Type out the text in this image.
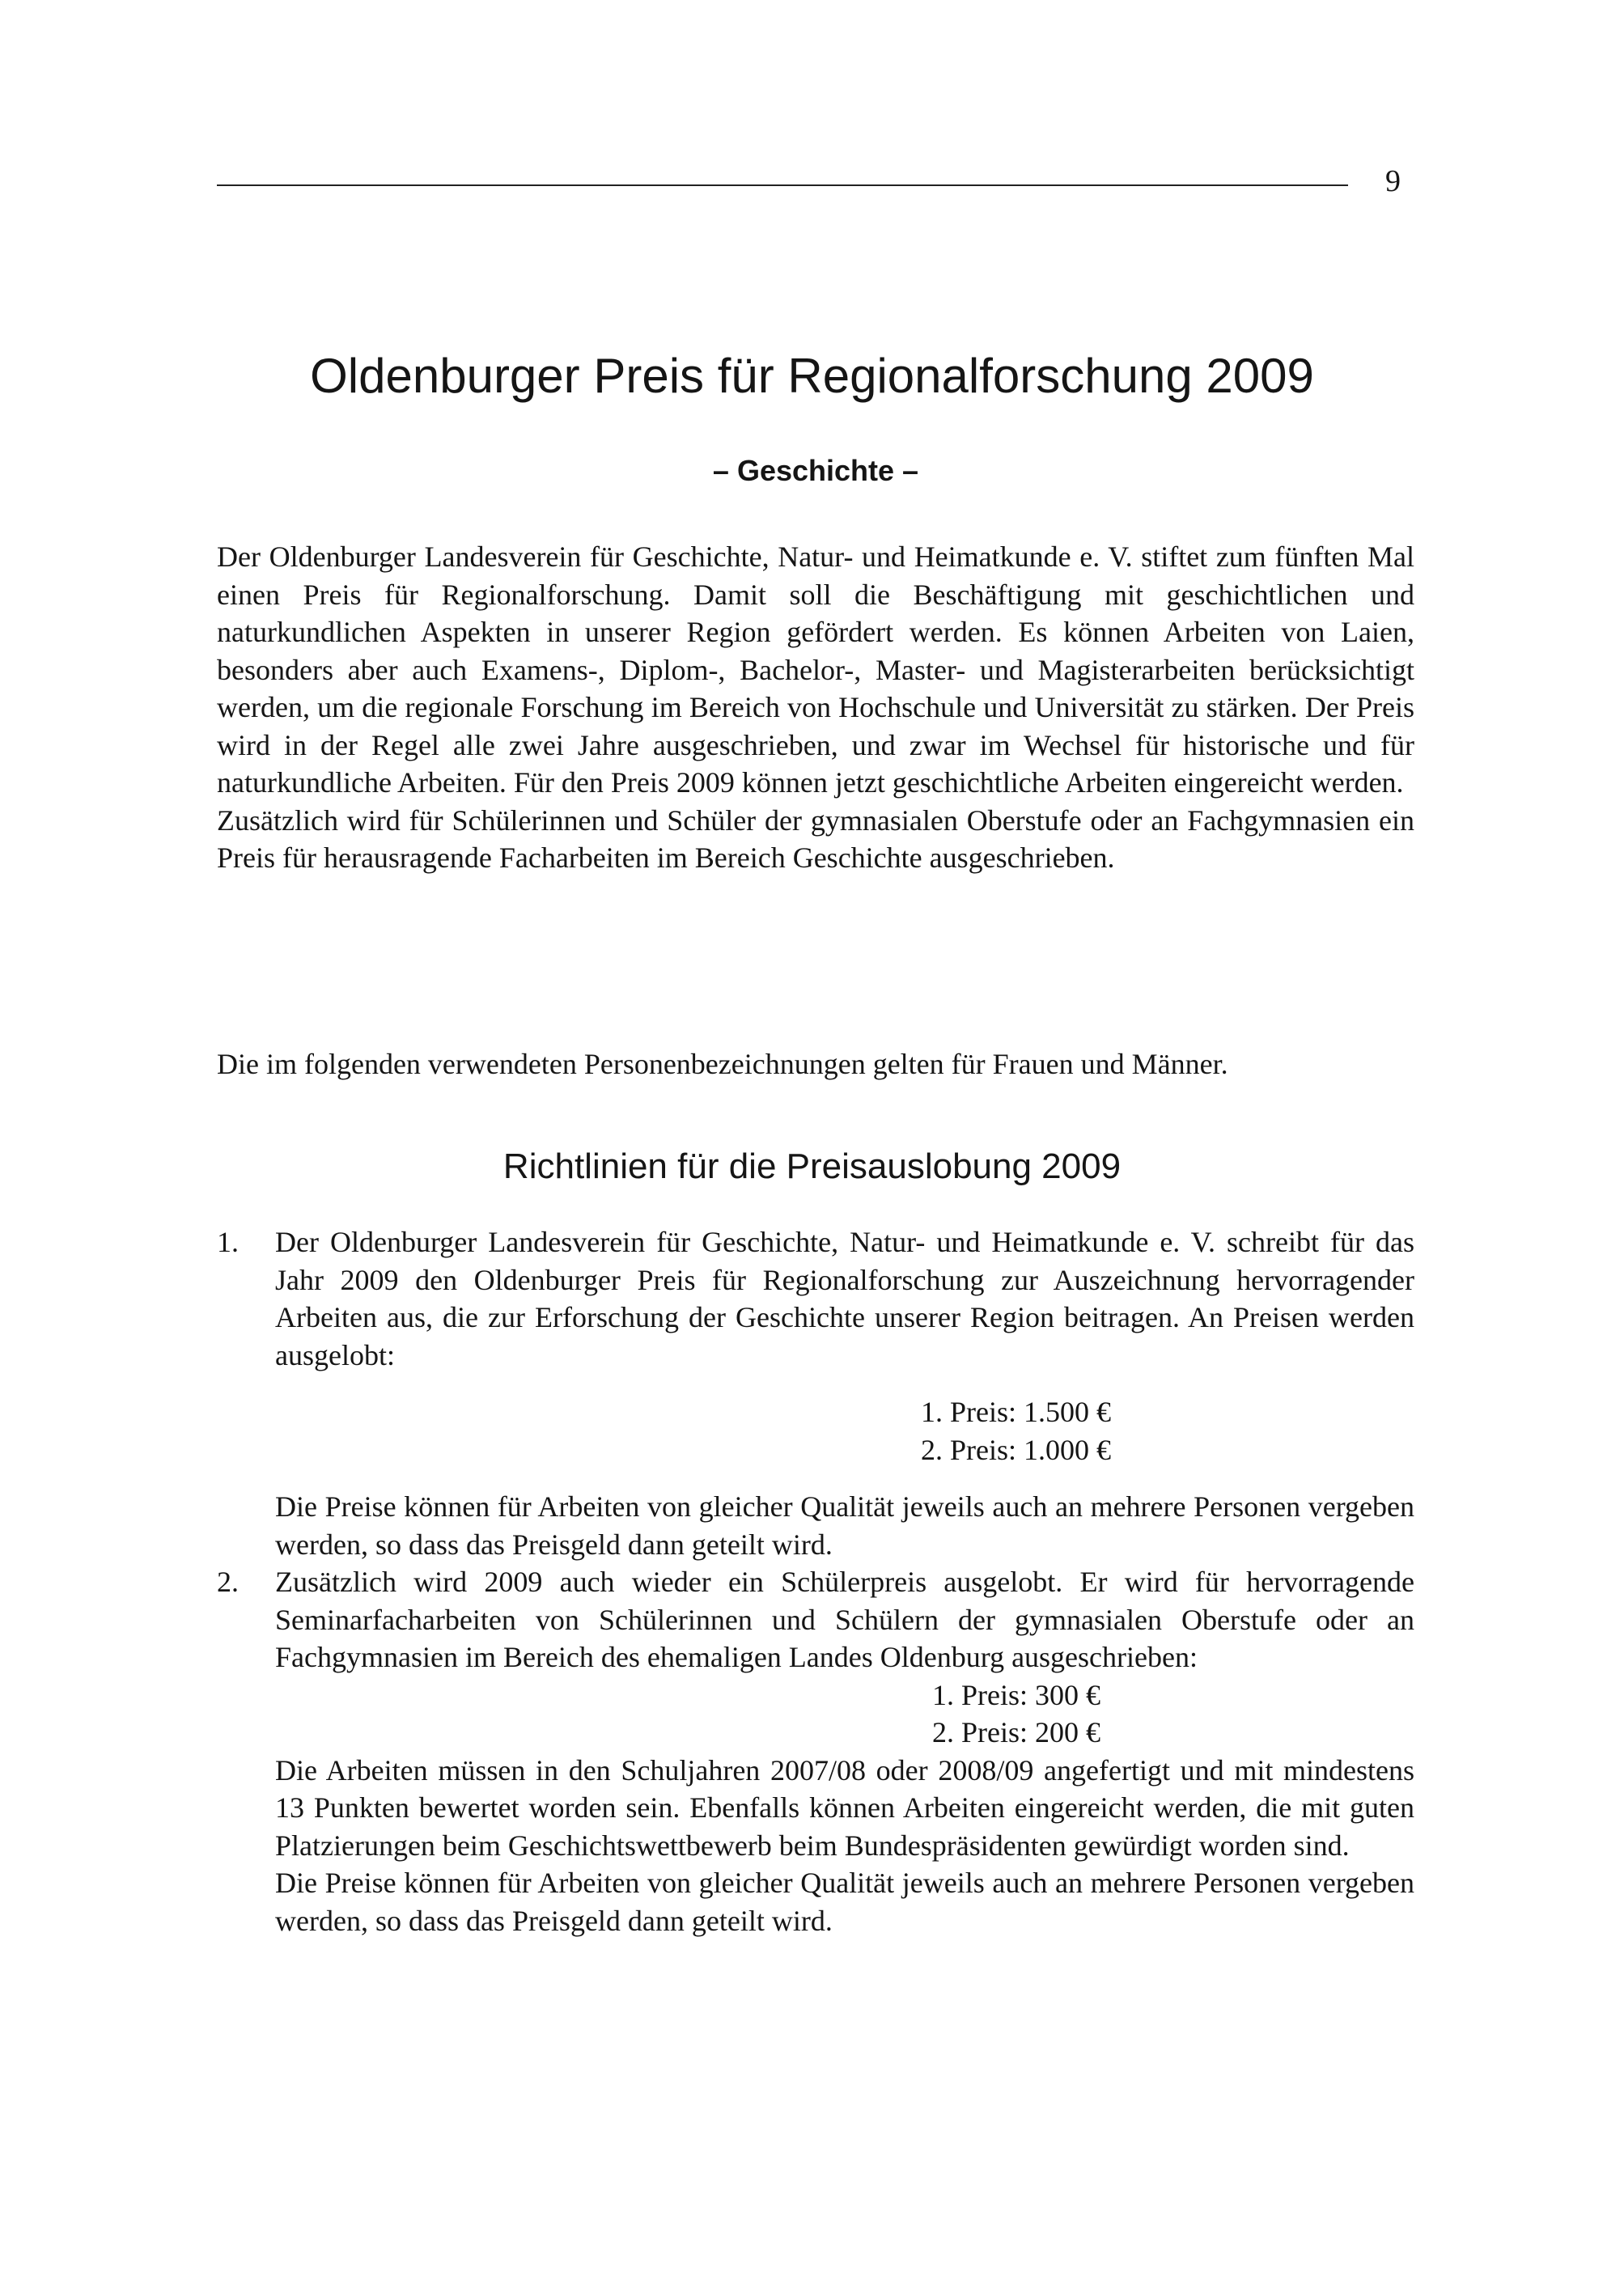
9
Oldenburger Preis für Regionalforschung 2009
– Geschichte –

Der Oldenburger Landesverein für Geschichte, Natur- und Heimatkunde e. V. stiftet zum fünften Mal einen Preis für Regionalforschung. Damit soll die Beschäftigung mit geschichtlichen und naturkundlichen Aspekten in unserer Region gefördert werden. Es können Arbeiten von Laien, besonders aber auch Examens-, Diplom-, Bachelor-, Master- und Magisterarbeiten berücksichtigt werden, um die regionale Forschung im Bereich von Hochschule und Universität zu stärken. Der Preis wird in der Regel alle zwei Jahre ausgeschrieben, und zwar im Wechsel für historische und für naturkundliche Arbeiten. Für den Preis 2009 können jetzt geschichtliche Arbeiten eingereicht werden.

Zusätzlich wird für Schülerinnen und Schüler der gymnasialen Oberstufe oder an Fachgymnasien ein Preis für herausragende Facharbeiten im Bereich Geschichte ausgeschrieben.

Die im folgenden verwendeten Personenbezeichnungen gelten für Frauen und Männer.

Richtlinien für die Preisauslobung 2009
1. Der Oldenburger Landesverein für Geschichte, Natur- und Heimatkunde e. V. schreibt für das Jahr 2009 den Oldenburger Preis für Regionalforschung zur Auszeichnung hervorragender Arbeiten aus, die zur Erforschung der Geschichte unserer Region beitragen. An Preisen werden ausgelobt:

1. Preis: 1.500 €
2. Preis: 1.000 €

Die Preise können für Arbeiten von gleicher Qualität jeweils auch an mehrere Personen vergeben werden, so dass das Preisgeld dann geteilt wird.

2. Zusätzlich wird 2009 auch wieder ein Schülerpreis ausgelobt. Er wird für hervorragende Seminarfacharbeiten von Schülerinnen und Schülern der gymnasialen Oberstufe oder an Fachgymnasien im Bereich des ehemaligen Landes Oldenburg ausgeschrieben:

1. Preis: 300 €
2. Preis: 200 €

Die Arbeiten müssen in den Schuljahren 2007/08 oder 2008/09 angefertigt und mit mindestens 13 Punkten bewertet worden sein. Ebenfalls können Arbeiten eingereicht werden, die mit guten Platzierungen beim Geschichtswettbewerb beim Bundespräsidenten gewürdigt worden sind.

Die Preise können für Arbeiten von gleicher Qualität jeweils auch an mehrere Personen vergeben werden, so dass das Preisgeld dann geteilt wird.
